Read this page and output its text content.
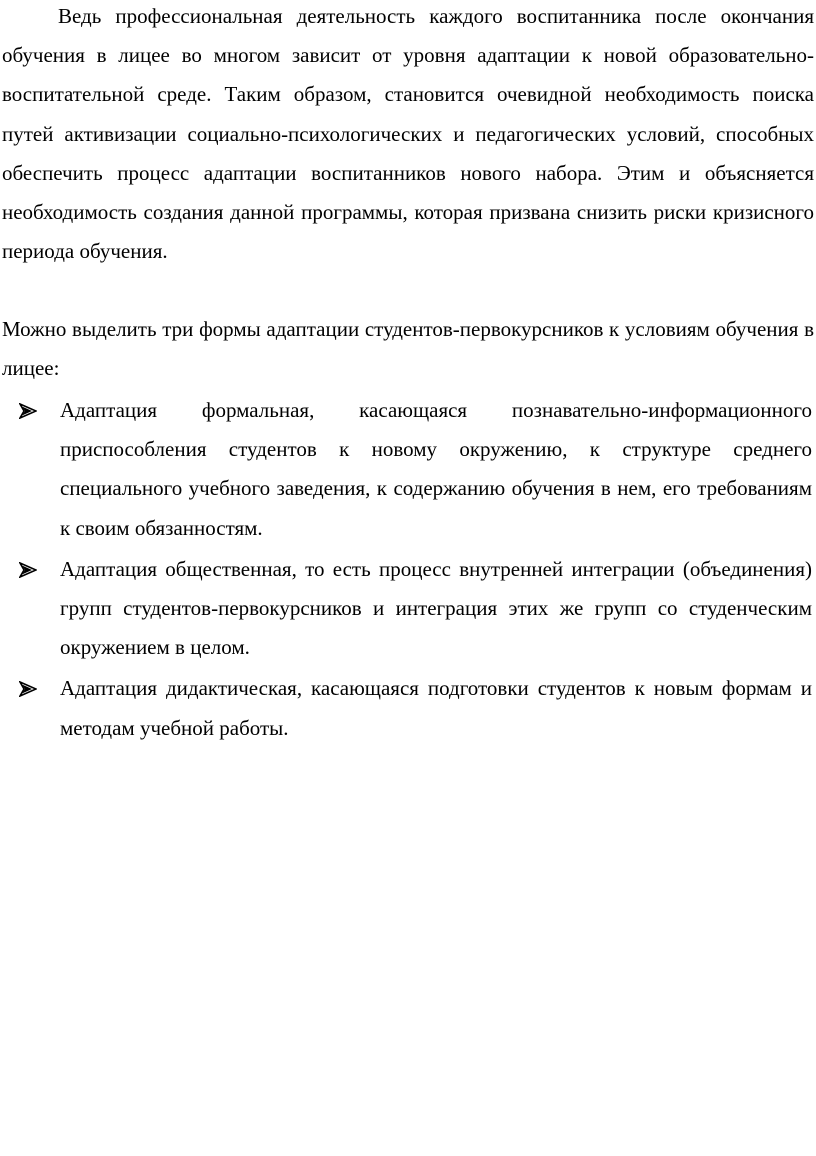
Ведь профессиональная деятельность каждого воспитанника после окончания обучения в лицее во многом зависит от уровня адаптации к новой образовательно-воспитательной среде. Таким образом, становится очевидной необходимость поиска путей активизации социально-психологических и педагогических условий, способных обеспечить процесс адаптации воспитанников нового набора. Этим и объясняется необходимость создания данной программы, которая призвана снизить риски кризисного периода обучения.

Можно выделить три формы адаптации студентов-первокурсников к условиям обучения в лицее:

Адаптация формальная, касающаяся познавательно-информационного приспособления студентов к новому окружению, к структуре среднего специального учебного заведения, к содержанию обучения в нем, его требованиям к своим обязанностям.
Адаптация общественная, то есть процесс внутренней интеграции (объединения) групп студентов-первокурсников и интеграция этих же групп со студенческим окружением в целом.
Адаптация дидактическая, касающаяся подготовки студентов к новым формам и методам учебной работы.
